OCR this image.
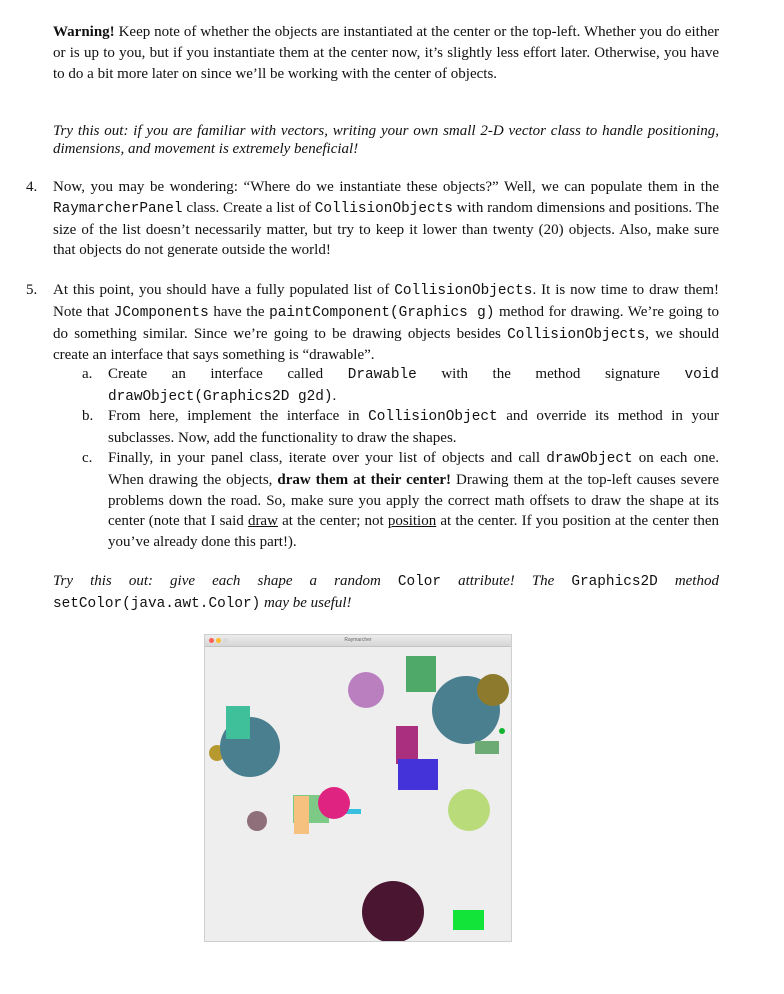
Warning! Keep note of whether the objects are instantiated at the center or the top-left. Whether you do either or is up to you, but if you instantiate them at the center now, it’s slightly less effort later. Otherwise, you have to do a bit more later on since we’ll be working with the center of objects.
Try this out: if you are familiar with vectors, writing your own small 2-D vector class to handle positioning, dimensions, and movement is extremely beneficial!
4. Now, you may be wondering: “Where do we instantiate these objects?” Well, we can populate them in the RaymarcherPanel class. Create a list of CollisionObjects with random dimensions and positions. The size of the list doesn’t necessarily matter, but try to keep it lower than twenty (20) objects. Also, make sure that objects do not generate outside the world!
5. At this point, you should have a fully populated list of CollisionObjects. It is now time to draw them! Note that JComponents have the paintComponent(Graphics g) method for drawing. We’re going to do something similar. Since we’re going to be drawing objects besides CollisionObjects, we should create an interface that says something is “drawable”.
a. Create an interface called Drawable with the method signature void drawObject(Graphics2D g2d).
b. From here, implement the interface in CollisionObject and override its method in your subclasses. Now, add the functionality to draw the shapes.
c. Finally, in your panel class, iterate over your list of objects and call drawObject on each one. When drawing the objects, draw them at their center! Drawing them at the top-left causes severe problems down the road. So, make sure you apply the correct math offsets to draw the shape at its center (note that I said draw at the center; not position at the center. If you position at the center then you’ve already done this part!).
Try this out: give each shape a random Color attribute! The Graphics2D method setColor(java.awt.Color) may be useful!
Raymarcher
